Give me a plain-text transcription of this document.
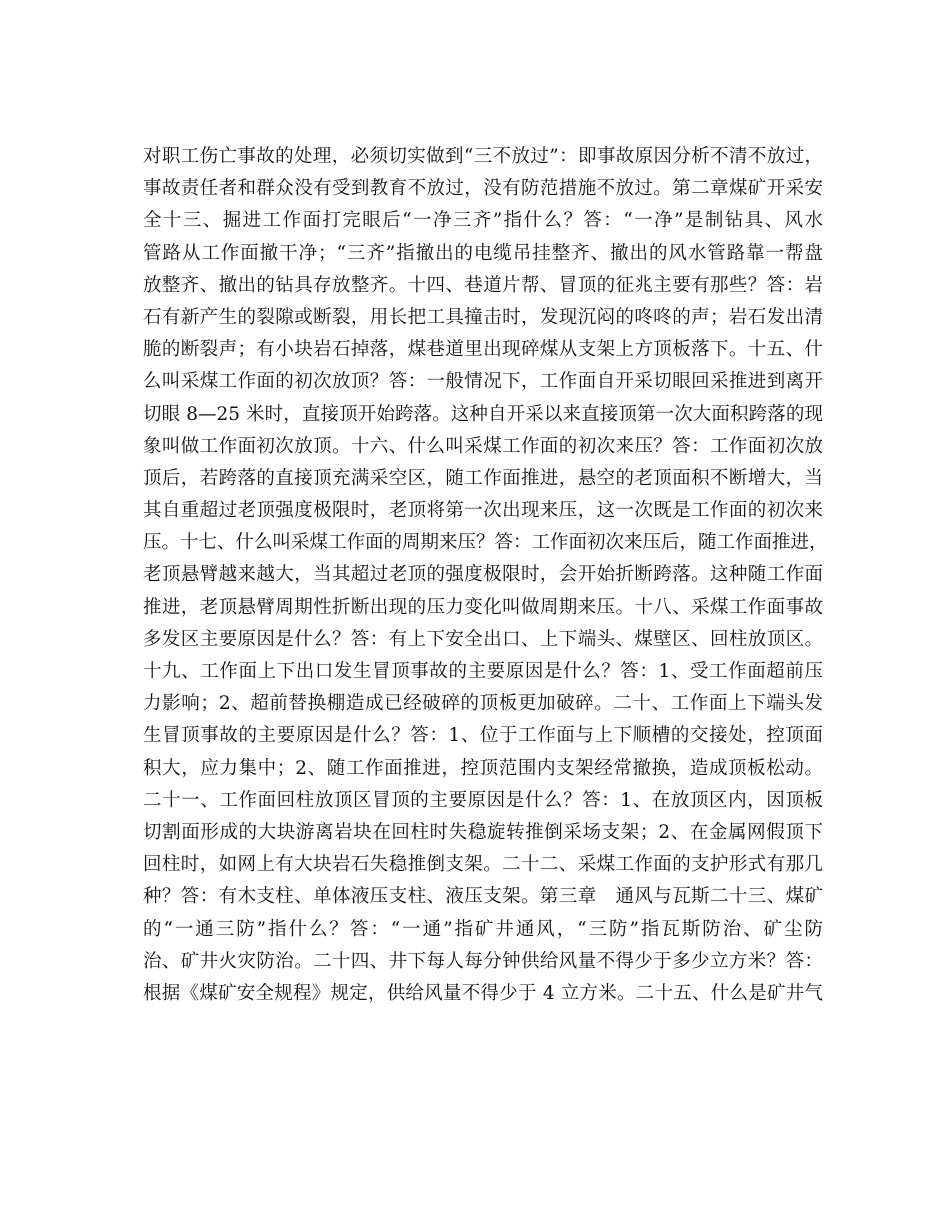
对职工伤亡事故的处理，必须切实做到“三不放过”：即事故原因分析不清不放过，
事故责任者和群众没有受到教育不放过，没有防范措施不放过。第二章煤矿开采安
全十三、掘进工作面打完眼后“一净三齐”指什么？答：“一净”是制钻具、风水
管路从工作面撤干净；“三齐”指撤出的电缆吊挂整齐、撤出的风水管路靠一帮盘
放整齐、撤出的钻具存放整齐。十四、巷道片帮、冒顶的征兆主要有那些？答：岩
石有新产生的裂隙或断裂，用长把工具撞击时，发现沉闷的咚咚的声；岩石发出清
脆的断裂声；有小块岩石掉落，煤巷道里出现碎煤从支架上方顶板落下。十五、什
么叫采煤工作面的初次放顶？答：一般情况下，工作面自开采切眼回采推进到离开
切眼 8—25 米时，直接顶开始跨落。这种自开采以来直接顶第一次大面积跨落的现
象叫做工作面初次放顶。十六、什么叫采煤工作面的初次来压？答：工作面初次放
顶后，若跨落的直接顶充满采空区，随工作面推进，悬空的老顶面积不断增大，当
其自重超过老顶强度极限时，老顶将第一次出现来压，这一次既是工作面的初次来
压。十七、什么叫采煤工作面的周期来压？答：工作面初次来压后，随工作面推进，
老顶悬臂越来越大，当其超过老顶的强度极限时，会开始折断跨落。这种随工作面
推进，老顶悬臂周期性折断出现的压力变化叫做周期来压。十八、采煤工作面事故
多发区主要原因是什么？答：有上下安全出口、上下端头、煤壁区、回柱放顶区。
十九、工作面上下出口发生冒顶事故的主要原因是什么？答：1、受工作面超前压
力影响；2、超前替换棚造成已经破碎的顶板更加破碎。二十、工作面上下端头发
生冒顶事故的主要原因是什么？答：1、位于工作面与上下顺槽的交接处，控顶面
积大，应力集中；2、随工作面推进，控顶范围内支架经常撤换，造成顶板松动。
二十一、工作面回柱放顶区冒顶的主要原因是什么？答：1、在放顶区内，因顶板
切割面形成的大块游离岩块在回柱时失稳旋转推倒采场支架；2、在金属网假顶下
回柱时，如网上有大块岩石失稳推倒支架。二十二、采煤工作面的支护形式有那几
种？答：有木支柱、单体液压支柱、液压支架。第三章　通风与瓦斯二十三、煤矿
的“一通三防”指什么？答：“一通”指矿井通风，“三防”指瓦斯防治、矿尘防
治、矿井火灾防治。二十四、井下每人每分钟供给风量不得少于多少立方米？答：
根据《煤矿安全规程》规定，供给风量不得少于 4 立方米。二十五、什么是矿井气
